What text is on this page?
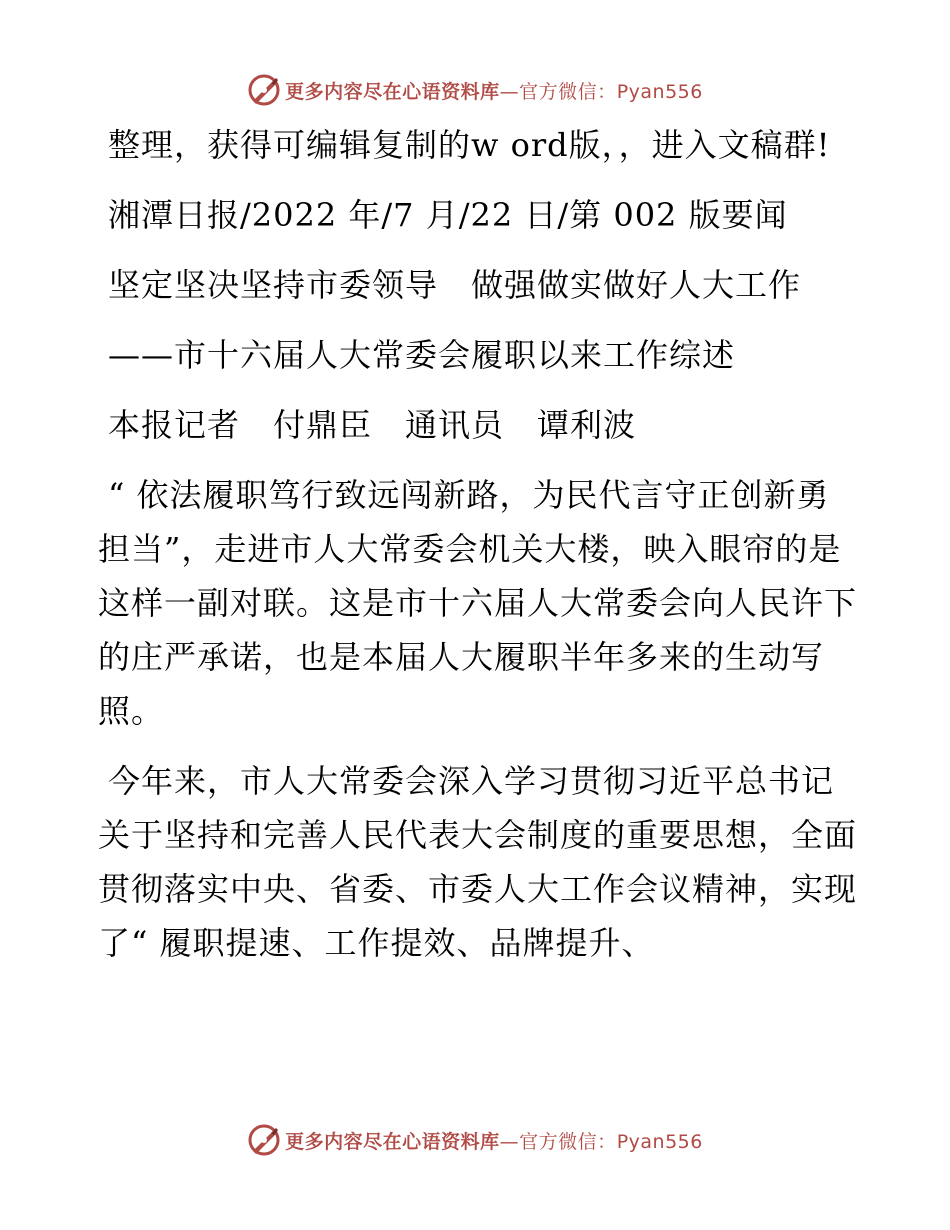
更多内容尽在心语资料库—官方微信：Pyan556

整理，获得可编辑复制的w ord版，，进入文稿群!

湘潭日报/2022 年/7 月/22 日/第 002 版要闻

坚定坚决坚持市委领导　做强做实做好人大工作

——市十六届人大常委会履职以来工作综述

本报记者　付鼎臣　通讯员　谭利波

“ 依法履职笃行致远闯新路，为民代言守正创新勇担当”，走进市人大常委会机关大楼，映入眼帘的是这样一副对联。这是市十六届人大常委会向人民许下的庄严承诺，也是本届人大履职半年多来的生动写照。

今年来，市人大常委会深入学习贯彻习近平总书记关于坚持和完善人民代表大会制度的重要思想，全面贯彻落实中央、省委、市委人大工作会议精神，实现了“ 履职提速、工作提效、品牌提升、

更多内容尽在心语资料库—官方微信：Pyan556
